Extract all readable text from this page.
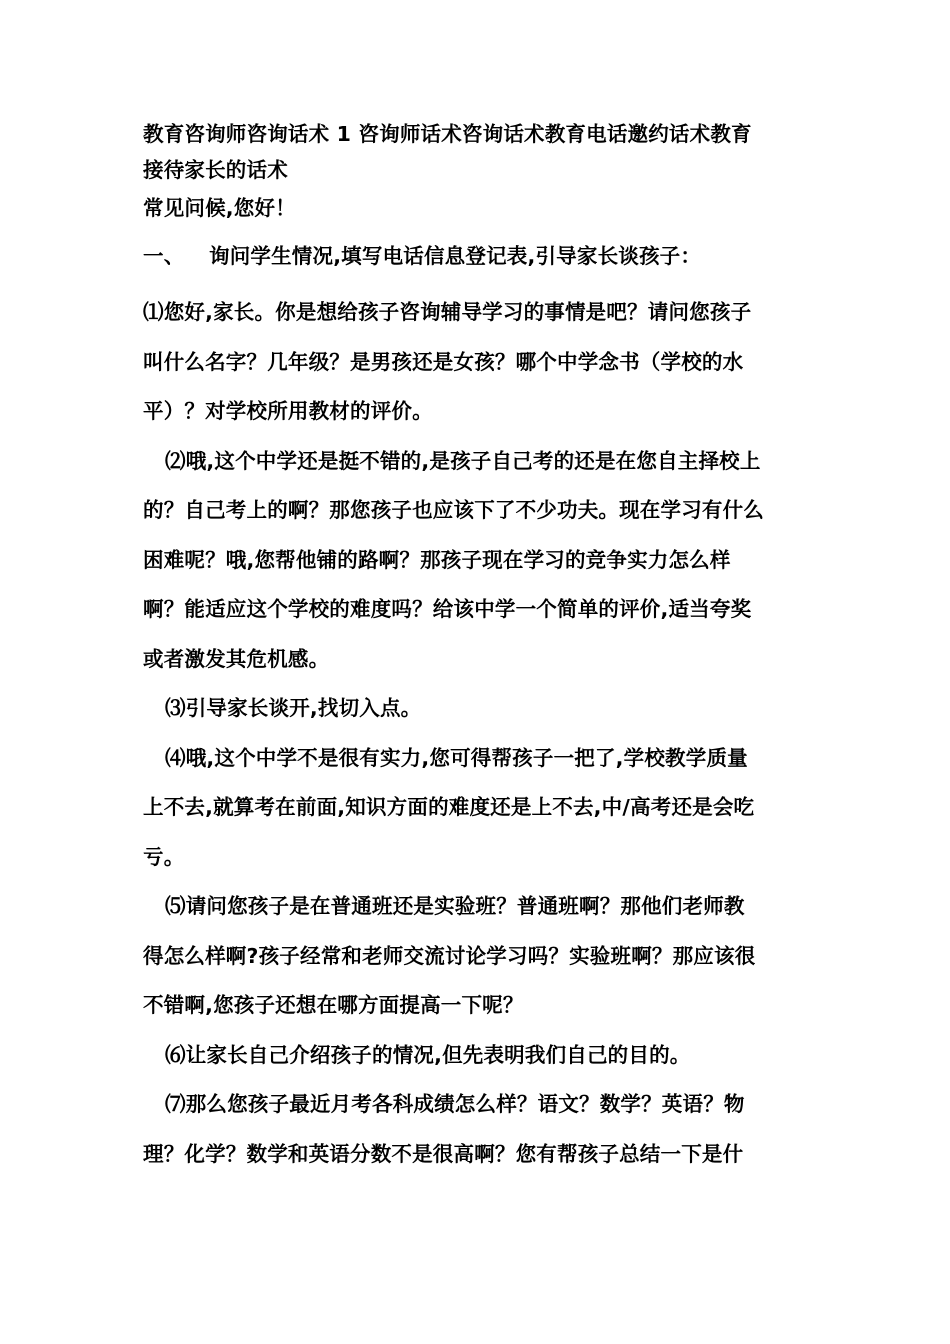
教育咨询师咨询话术 1 咨询师话术咨询话术教育电话邀约话术教育
接待家长的话术
常见问候,您好！
一、 询问学生情况,填写电话信息登记表,引导家长谈孩子：
⑴您好,家长。你是想给孩子咨询辅导学习的事情是吧？请问您孩子
叫什么名字？几年级？是男孩还是女孩？哪个中学念书（学校的水
平）？对学校所用教材的评价。
⑵哦,这个中学还是挺不错的,是孩子自己考的还是在您自主择校上
的？自己考上的啊？那您孩子也应该下了不少功夫。现在学习有什么
困难呢？哦,您帮他铺的路啊？那孩子现在学习的竞争实力怎么样
啊？能适应这个学校的难度吗？给该中学一个简单的评价,适当夸奖
或者激发其危机感。
⑶引导家长谈开,找切入点。
⑷哦,这个中学不是很有实力,您可得帮孩子一把了,学校教学质量
上不去,就算考在前面,知识方面的难度还是上不去,中/高考还是会吃
亏。
⑸请问您孩子是在普通班还是实验班？普通班啊？那他们老师教
得怎么样啊?孩子经常和老师交流讨论学习吗？实验班啊？那应该很
不错啊,您孩子还想在哪方面提高一下呢？
⑹让家长自己介绍孩子的情况,但先表明我们自己的目的。
⑺那么您孩子最近月考各科成绩怎么样？语文？数学？英语？物
理？化学？数学和英语分数不是很高啊？您有帮孩子总结一下是什
